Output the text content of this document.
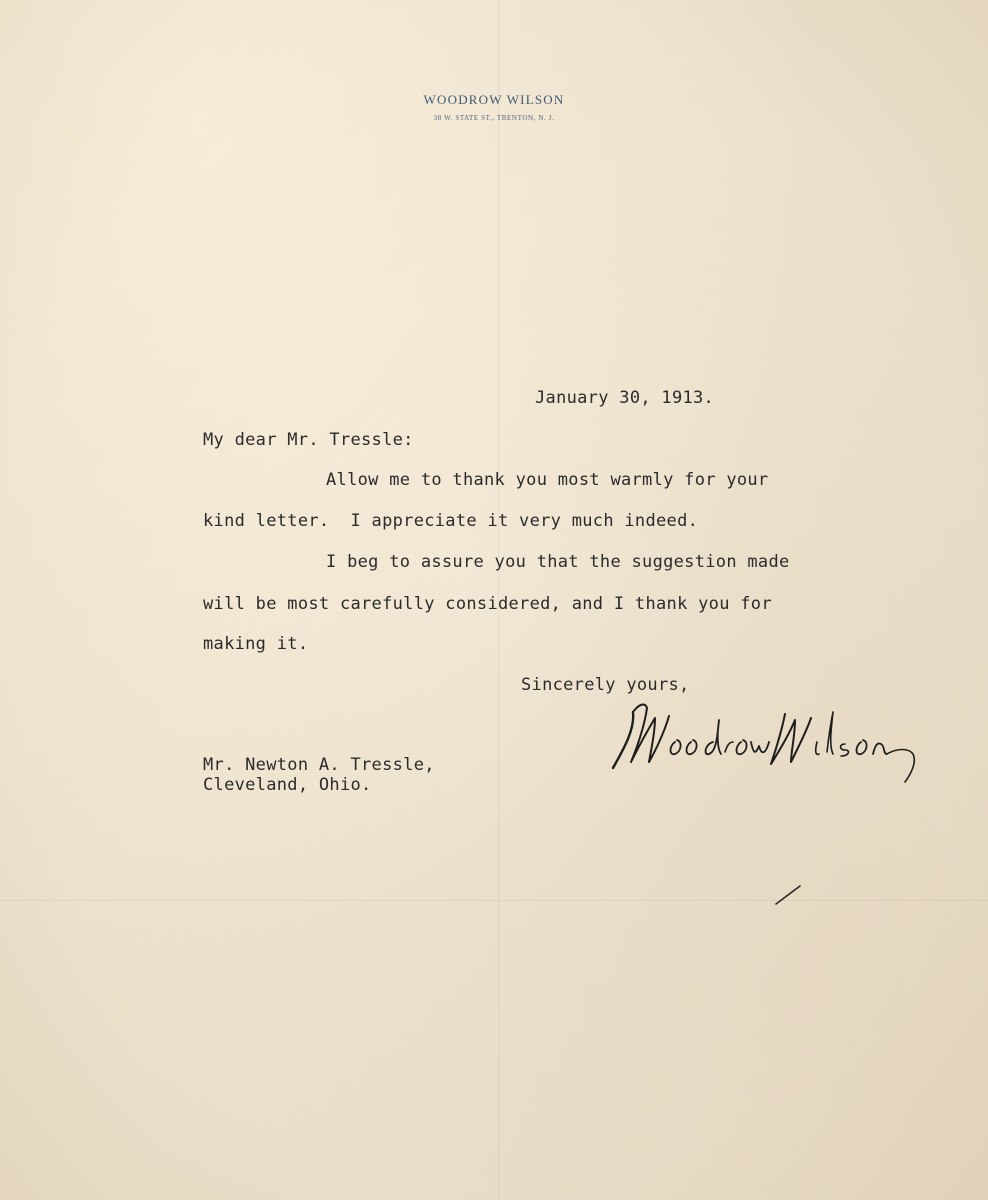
WOODROW WILSON
38 W. STATE ST., TRENTON, N. J.
January 30, 1913.
My dear Mr. Tressle:
Allow me to thank you most warmly for your
kind letter.  I appreciate it very much indeed.
I beg to assure you that the suggestion made
will be most carefully considered, and I thank you for
making it.
Sincerely yours,
Mr. Newton A. Tressle,
Cleveland, Ohio.
